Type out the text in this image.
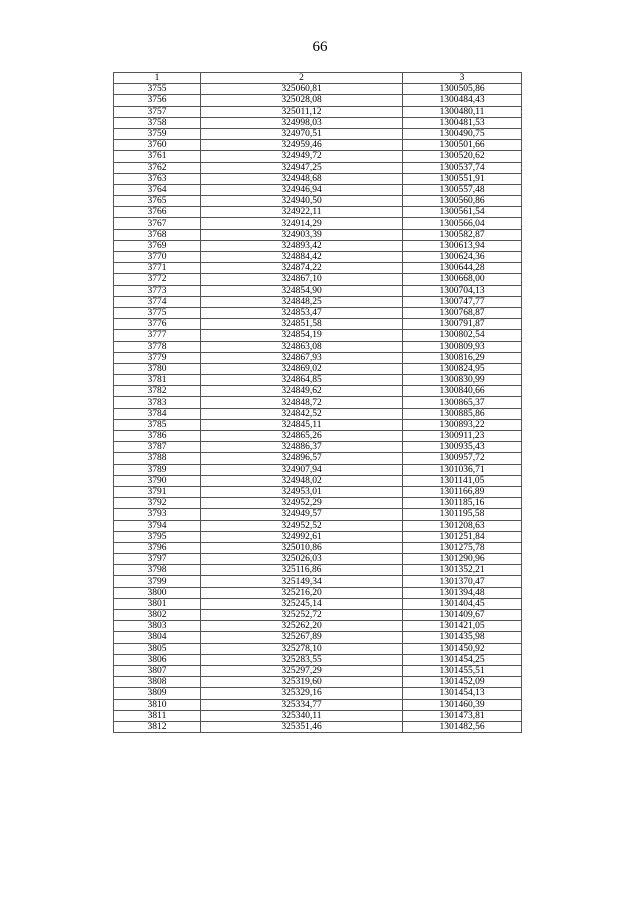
66
1	2	3
3755	325060,81	1300505,86
3756	325028,08	1300484,43
3757	325011,12	1300480,11
3758	324998,03	1300481,53
3759	324970,51	1300490,75
3760	324959,46	1300501,66
3761	324949,72	1300520,62
3762	324947,25	1300537,74
3763	324948,68	1300551,91
3764	324946,94	1300557,48
3765	324940,50	1300560,86
3766	324922,11	1300561,54
3767	324914,29	1300566,04
3768	324903,39	1300582,87
3769	324893,42	1300613,94
3770	324884,42	1300624,36
3771	324874,22	1300644,28
3772	324867,10	1300668,00
3773	324854,90	1300704,13
3774	324848,25	1300747,77
3775	324853,47	1300768,87
3776	324851,58	1300791,87
3777	324854,19	1300802,54
3778	324863,08	1300809,93
3779	324867,93	1300816,29
3780	324869,02	1300824,95
3781	324864,85	1300830,99
3782	324849,62	1300840,66
3783	324848,72	1300865,37
3784	324842,52	1300885,86
3785	324845,11	1300893,22
3786	324865,26	1300911,23
3787	324886,37	1300935,43
3788	324896,57	1300957,72
3789	324907,94	1301036,71
3790	324948,02	1301141,05
3791	324953,01	1301166,89
3792	324952,29	1301185,16
3793	324949,57	1301195,58
3794	324952,52	1301208,63
3795	324992,61	1301251,84
3796	325010,86	1301275,78
3797	325026,03	1301290,96
3798	325116,86	1301352,21
3799	325149,34	1301370,47
3800	325216,20	1301394,48
3801	325245,14	1301404,45
3802	325252,72	1301409,67
3803	325262,20	1301421,05
3804	325267,89	1301435,98
3805	325278,10	1301450,92
3806	325283,55	1301454,25
3807	325297,29	1301455,51
3808	325319,60	1301452,09
3809	325329,16	1301454,13
3810	325334,77	1301460,39
3811	325340,11	1301473,81
3812	325351,46	1301482,56
